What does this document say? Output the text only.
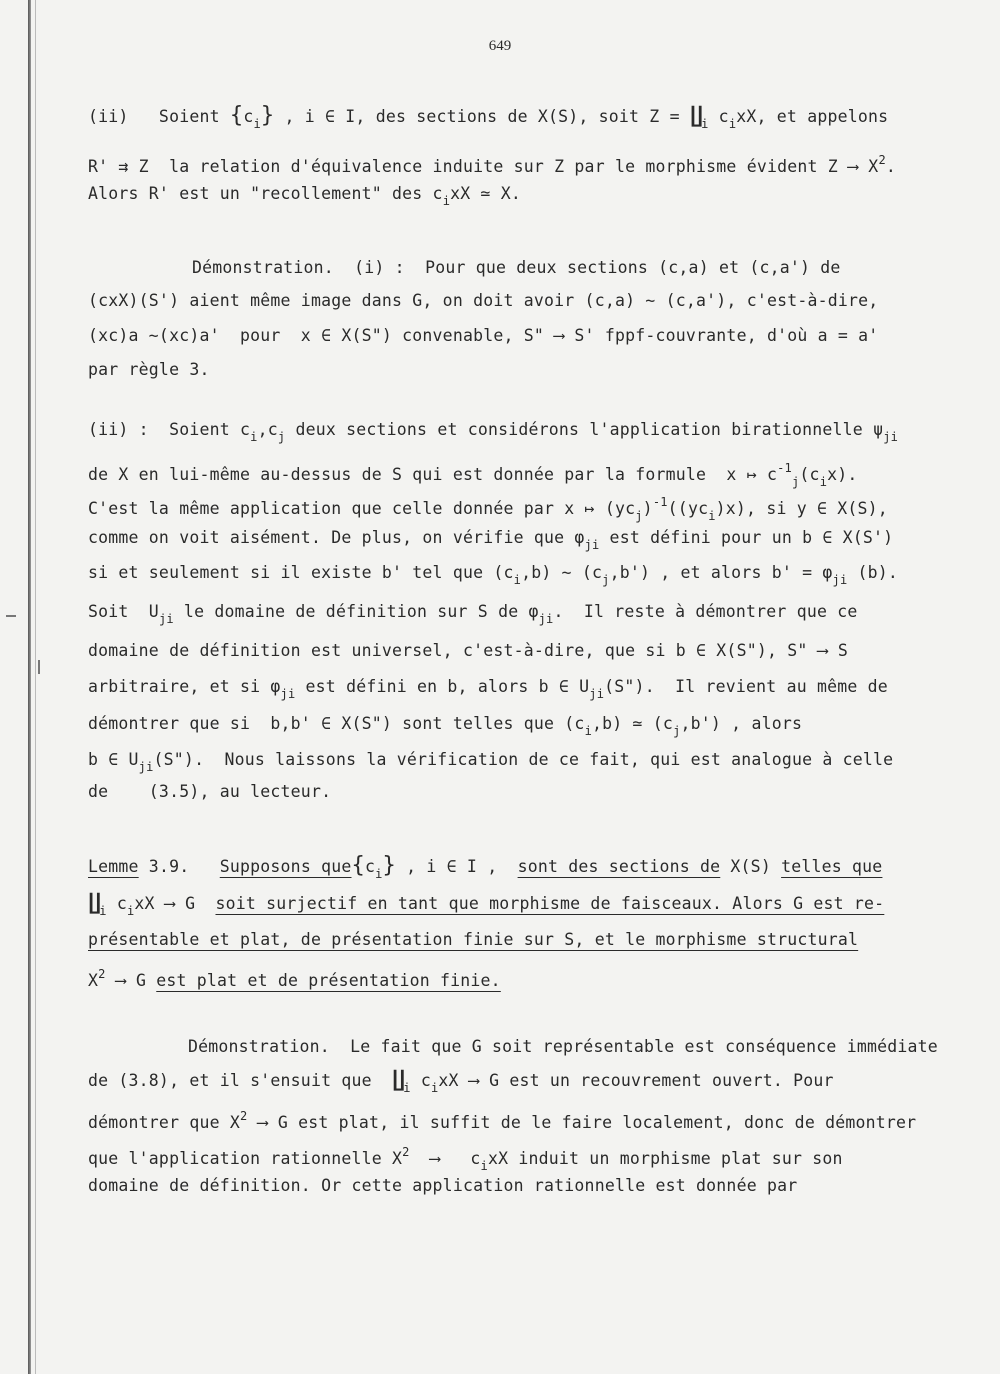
649
(ii)   Soient $\{c_i\}$ , i ∈ I, des sections de X(S), soit $Z = ∐_i$ $c_ixX$, et appelons
R' ⇉ Z  la relation d'équivalence induite sur Z par le morphisme évident Z ⟶ $X^2$.
Alors R' est un "recollement" des $c_ixX$ ≃ X.
Démonstration.  (i) :  Pour que deux sections (c,a) et (c,a') de
(cxX)(S') aient même image dans G, on doit avoir (c,a) ∼ (c,a'), c'est-à-dire,
(xc)a ∼(xc)a'  pour  x ∈ X(S") convenable, S" ⟶ S' fppf-couvrante, d'où a = a'
par règle 3.
(ii) :  Soient $c_i,c_j$ deux sections et considérons l'application birationnelle $\psi_{ji}$
de X en lui-même au-dessus de S qui est donnée par la formule  x ↦ $c^{-1}_j(c_ix)$.
C'est la même application que celle donnée par x ↦ $(yc_j)^{-1}((yc_i)x)$, si y ∈ X(S),
comme on voit aisément. De plus, on vérifie que $\varphi_{ji}$ est défini pour un b ∈ X(S')
si et seulement si il existe b' tel que $(c_i,b)$ ∼ $(c_j,b')$ , et alors $b' = \varphi_{ji}$ (b).
Soit  $U_{ji}$ le domaine de définition sur S de $\varphi_{ji}$.  Il reste à démontrer que ce
domaine de définition est universel, c'est-à-dire, que si b ∈ X(S"), S" ⟶ S
arbitraire, et si $\varphi_{ji}$ est défini en b, alors b ∈ $U_{ji}(S")$.  Il revient au même de
démontrer que si  b,b' ∈ X(S") sont telles que $(c_i,b)$ ≃ $(c_j,b')$ , alors
b ∈ $U_{ji}(S")$.  Nous laissons la vérification de ce fait, qui est analogue à celle
de    (3.5), au lecteur.
Lemme 3.9.   Supposons $que\{c_i\}$ , i ∈ I ,  sont des sections de X(S) telles que
$∐_i$ $c_ixX$ ⟶ G  soit surjectif en tant que morphisme de faisceaux. Alors G est re-
présentable et plat, de présentation finie sur S, et le morphisme structural
$X^2$ ⟶ G est plat et de présentation finie.
Démonstration.  Le fait que G soit représentable est conséquence immédiate
de (3.8), et il s'ensuit que  $∐_i$ $c_ixX$ ⟶ G est un recouvrement ouvert. Pour
démontrer que $X^2$ ⟶ G est plat, il suffit de le faire localement, donc de démontrer
que l'application rationnelle $X^2$  ⟶   $c_ixX$ induit un morphisme plat sur son
domaine de définition. Or cette application rationnelle est donnée par
